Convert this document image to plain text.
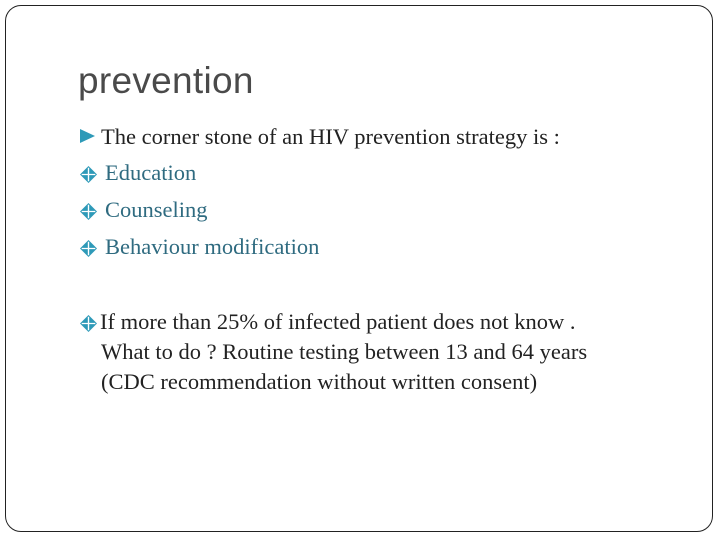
prevention
The corner stone of an HIV prevention strategy is :
Education
Counseling
Behaviour modification
If more than 25% of infected patient does not know .
What to do ? Routine testing between 13 and 64 years
(CDC recommendation without written consent)
